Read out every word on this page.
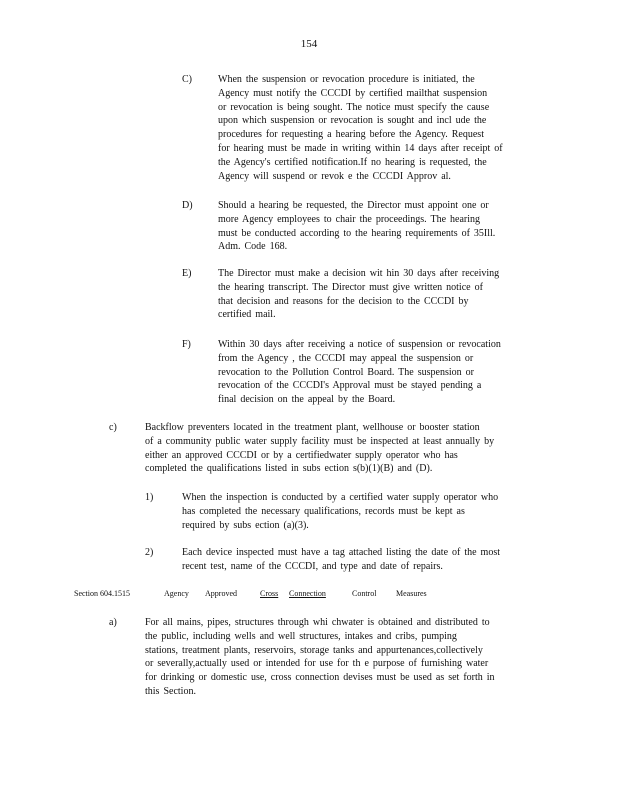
154
C)	When the suspension or revocation procedure is initiated, the
Agency must notify the CCCDI by certified mailthat suspension
or revocation is being sought. The notice must specify the cause
upon which suspension or revocation is sought and incl ude the
procedures for requesting a hearing before the Agency. Request
for hearing must be made in writing within 14 days after receipt of
the Agency's certified notification.If no hearing is requested, the
Agency will suspend or revok e the CCCDI Approv al.
D)	Should a hearing be requested, the Director must appoint one or
more Agency employees to chair the proceedings. The hearing
must be conducted according to the hearing requirements of 35Ill.
Adm. Code 168.
E)	The Director must make a decision wit hin 30 days after receiving
the hearing transcript. The Director must give written notice of
that decision and reasons for the decision to the CCCDI by
certified mail.
F)	Within 30 days after receiving a notice of suspension or revocation
from the Agency , the CCCDI may appeal the suspension or
revocation to the Pollution Control Board. The suspension or
revocation of the CCCDI's Approval must be stayed pending a
final decision on the appeal by the Board.
c)	Backflow preventers located in the treatment plant, wellhouse or booster station
of a community public water supply facility must be inspected at least annually by
either an approved CCCDI or by a certifiedwater supply operator who has
completed the qualifications listed in subs ection s(b)(1)(B) and (D).
1)	When the inspection is conducted by a certified water supply operator who
has completed the necessary qualifications, records must be kept as
required by subs ection (a)(3).
2)	Each device inspected must have a tag attached listing the date of the most
recent test, name of the CCCDI, and type and date of repairs.
Section 604.1515	Agency Approved	Cross Connection	Control Measures
a)	For all mains, pipes, structures through whi chwater is obtained and distributed to
the public, including wells and well structures, intakes and cribs, pumping
stations, treatment plants, reservoirs, storage tanks and appurtenances,collectively
or severally,actually used or intended for use for th e purpose of furnishing water
for drinking or domestic use, cross connection devises must be used as set forth in
this Section.
